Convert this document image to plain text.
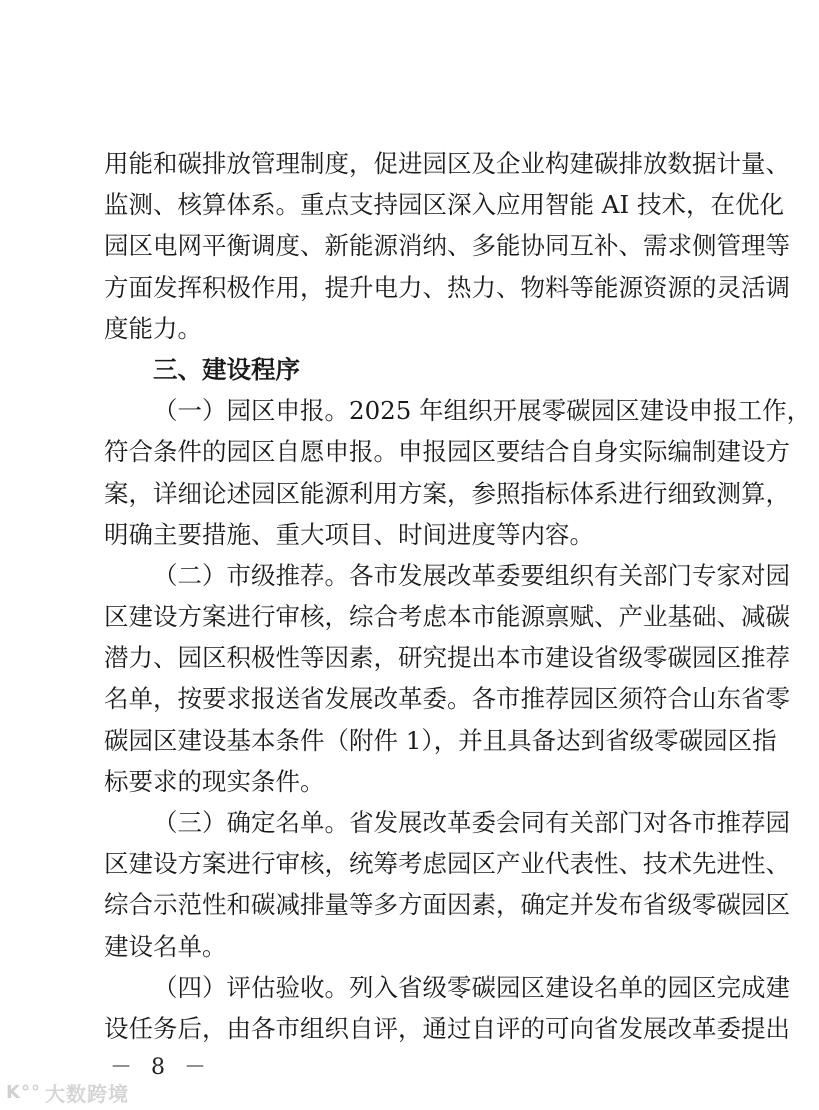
用能和碳排放管理制度，促进园区及企业构建碳排放数据计量、
监测、核算体系。重点支持园区深入应用智能 AI 技术，在优化
园区电网平衡调度、新能源消纳、多能协同互补、需求侧管理等
方面发挥积极作用，提升电力、热力、物料等能源资源的灵活调
度能力。
三、建设程序
（一）园区申报。2025 年组织开展零碳园区建设申报工作，
符合条件的园区自愿申报。申报园区要结合自身实际编制建设方
案，详细论述园区能源利用方案，参照指标体系进行细致测算，
明确主要措施、重大项目、时间进度等内容。
（二）市级推荐。各市发展改革委要组织有关部门专家对园
区建设方案进行审核，综合考虑本市能源禀赋、产业基础、减碳
潜力、园区积极性等因素，研究提出本市建设省级零碳园区推荐
名单，按要求报送省发展改革委。各市推荐园区须符合山东省零
碳园区建设基本条件（附件 1），并且具备达到省级零碳园区指
标要求的现实条件。
（三）确定名单。省发展改革委会同有关部门对各市推荐园
区建设方案进行审核，统筹考虑园区产业代表性、技术先进性、
综合示范性和碳减排量等多方面因素，确定并发布省级零碳园区
建设名单。
（四）评估验收。列入省级零碳园区建设名单的园区完成建
设任务后，由各市组织自评，通过自评的可向省发展改革委提出
－ 8 －
K°° 大数跨境
